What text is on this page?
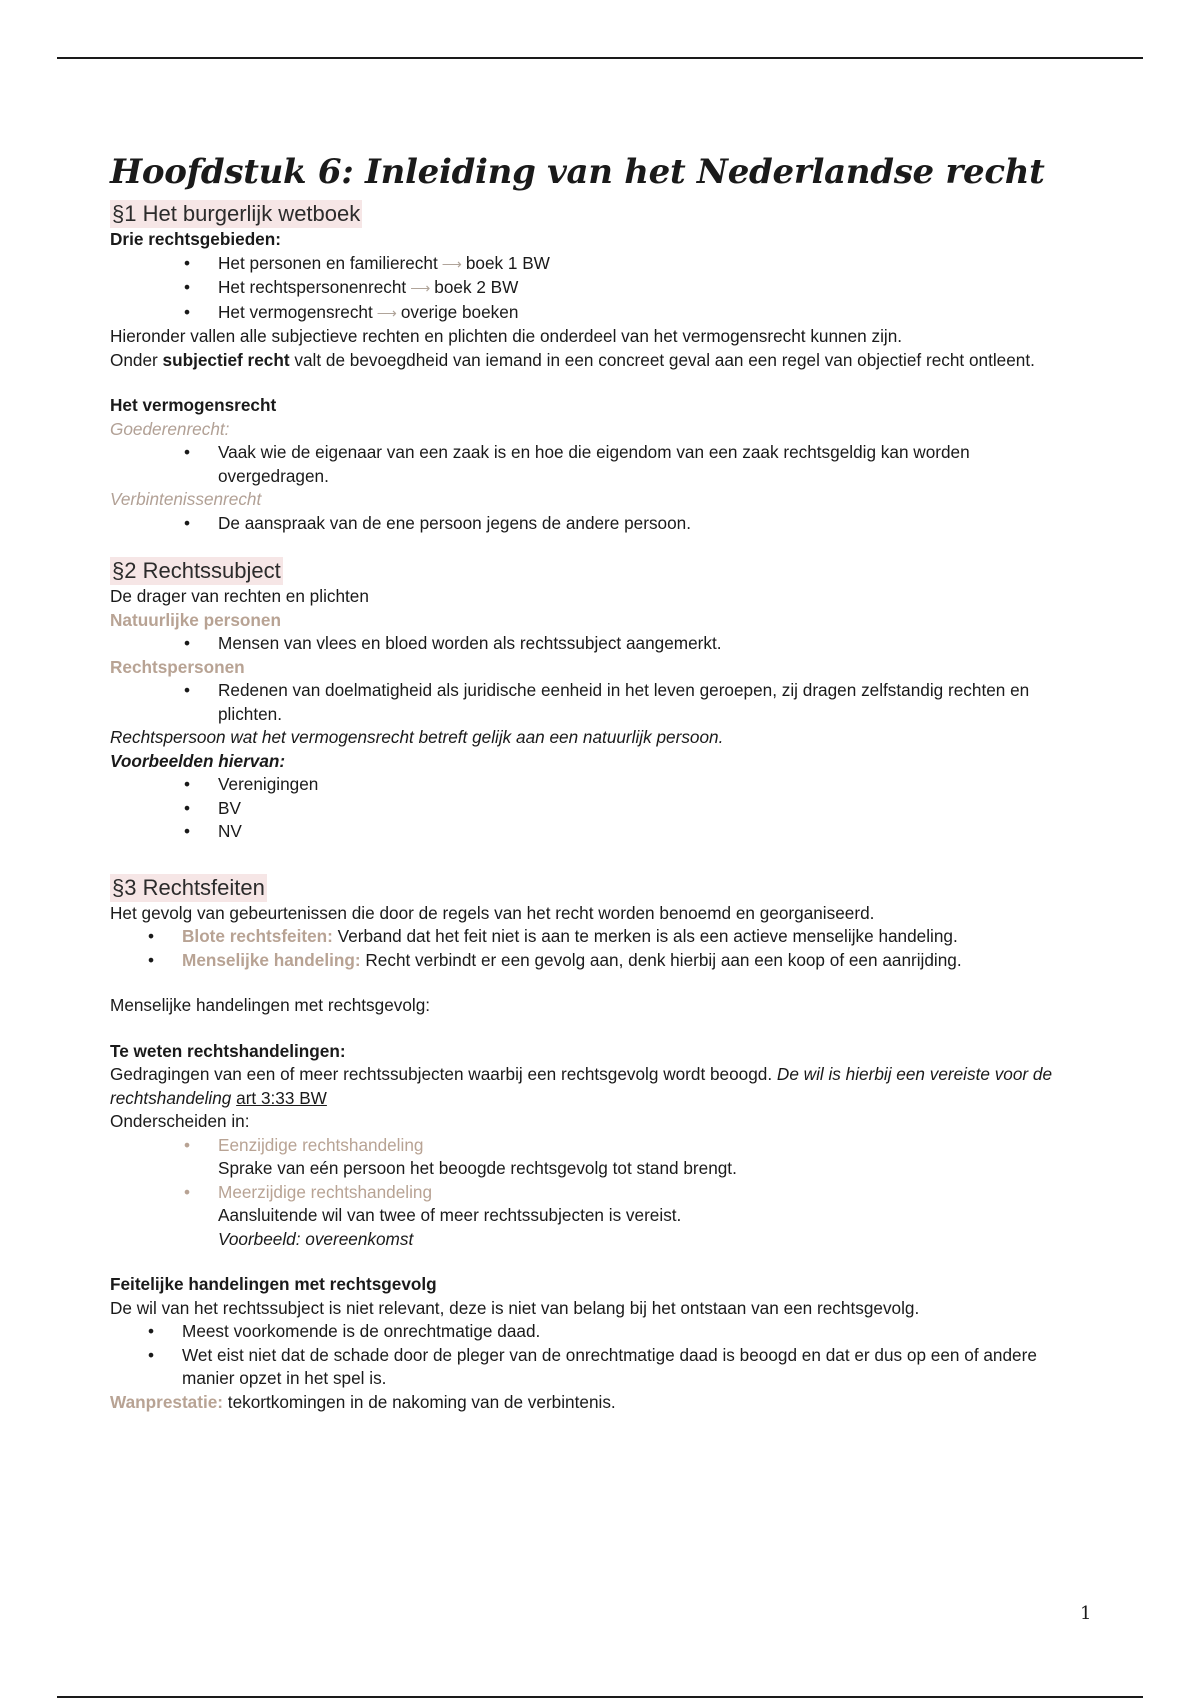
Hoofdstuk 6: Inleiding van het Nederlandse recht
§1 Het burgerlijk wetboek
Drie rechtsgebieden:
• Het personen en familierecht ⟶ boek 1 BW
• Het rechtspersonenrecht ⟶ boek 2 BW
• Het vermogensrecht ⟶ overige boeken
Hieronder vallen alle subjectieve rechten en plichten die onderdeel van het vermogensrecht kunnen zijn.
Onder subjectief recht valt de bevoegdheid van iemand in een concreet geval aan een regel van objectief recht ontleent.
Het vermogensrecht
Goederenrecht:
• Vaak wie de eigenaar van een zaak is en hoe die eigendom van een zaak rechtsgeldig kan worden overgedragen.
Verbintenissenrecht
• De aanspraak van de ene persoon jegens de andere persoon.
§2 Rechtssubject
De drager van rechten en plichten
Natuurlijke personen
• Mensen van vlees en bloed worden als rechtssubject aangemerkt.
Rechtspersonen
• Redenen van doelmatigheid als juridische eenheid in het leven geroepen, zij dragen zelfstandig rechten en plichten.
Rechtspersoon wat het vermogensrecht betreft gelijk aan een natuurlijk persoon.
Voorbeelden hiervan:
• Verenigingen
• BV
• NV
§3 Rechtsfeiten
Het gevolg van gebeurtenissen die door de regels van het recht worden benoemd en georganiseerd.
• Blote rechtsfeiten: Verband dat het feit niet is aan te merken is als een actieve menselijke handeling.
• Menselijke handeling: Recht verbindt er een gevolg aan, denk hierbij aan een koop of een aanrijding.
Menselijke handelingen met rechtsgevolg:
Te weten rechtshandelingen:
Gedragingen van een of meer rechtssubjecten waarbij een rechtsgevolg wordt beoogd. De wil is hierbij een vereiste voor de rechtshandeling art 3:33 BW
Onderscheiden in:
• Eenzijdige rechtshandeling
Sprake van eén persoon het beoogde rechtsgevolg tot stand brengt.
• Meerzijdige rechtshandeling
Aansluitende wil van twee of meer rechtssubjecten is vereist.
Voorbeeld: overeenkomst
Feitelijke handelingen met rechtsgevolg
De wil van het rechtssubject is niet relevant, deze is niet van belang bij het ontstaan van een rechtsgevolg.
• Meest voorkomende is de onrechtmatige daad.
• Wet eist niet dat de schade door de pleger van de onrechtmatige daad is beoogd en dat er dus op een of andere manier opzet in het spel is.
Wanprestatie: tekortkomingen in de nakoming van de verbintenis.
1
